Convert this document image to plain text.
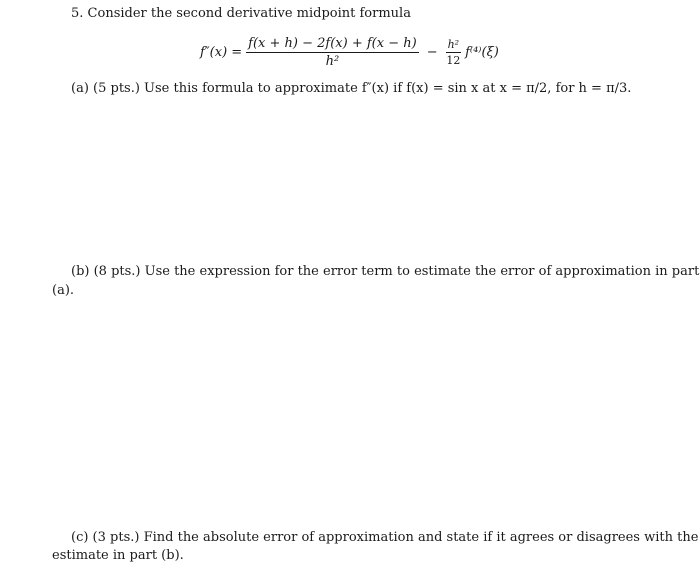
5. Consider the second derivative midpoint formula
$f''(x) = \frac{f(x + h) - 2f(x) + f(x - h)}{\text{h²}} - \frac{\text{h²}}{12} f^{(4)}(\xi)$
(a) (5 pts.) Use this formula to approximate f″(x) if f(x) = sin x at x = π/2, for h = π/3.
(b) (8 pts.) Use the expression for the error term to estimate the error of approximation in part
(a).
(c) (3 pts.) Find the absolute error of approximation and state if it agrees or disagrees with the
estimate in part (b).
